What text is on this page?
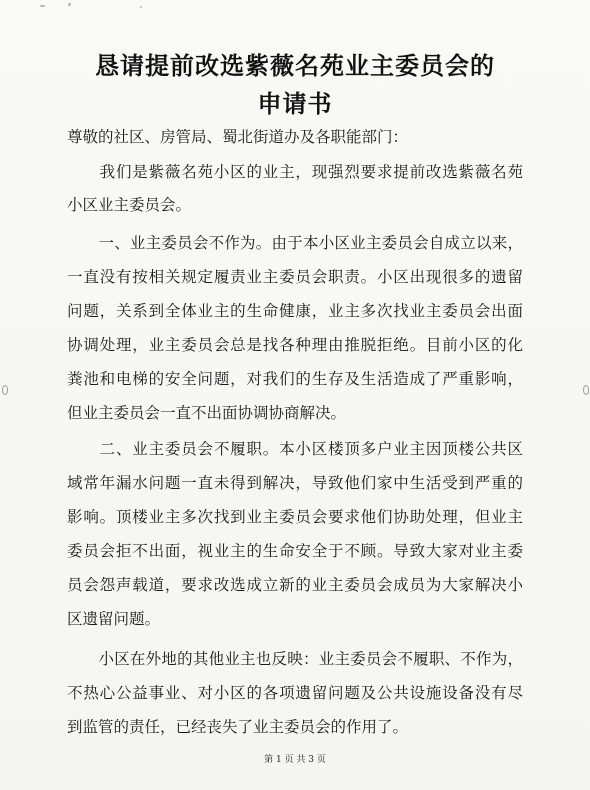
恳请提前改选紫薇名苑业主委员会的
申请书
尊敬的社区、房管局、蜀北街道办及各职能部门：
　　我们是紫薇名苑小区的业主，现强烈要求提前改选紫薇名苑
小区业主委员会。
　　一、业主委员会不作为。由于本小区业主委员会自成立以来，
一直没有按相关规定履责业主委员会职责。小区出现很多的遗留
问题，关系到全体业主的生命健康，业主多次找业主委员会出面
协调处理，业主委员会总是找各种理由推脱拒绝。目前小区的化
粪池和电梯的安全问题，对我们的生存及生活造成了严重影响，
但业主委员会一直不出面协调协商解决。
　　二、业主委员会不履职。本小区楼顶多户业主因顶楼公共区
域常年漏水问题一直未得到解决，导致他们家中生活受到严重的
影响。顶楼业主多次找到业主委员会要求他们协助处理，但业主
委员会拒不出面，视业主的生命安全于不顾。导致大家对业主委
员会怨声载道，要求改选成立新的业主委员会成员为大家解决小
区遗留问题。
　　小区在外地的其他业主也反映：业主委员会不履职、不作为，
不热心公益事业、对小区的各项遗留问题及公共设施设备没有尽
到监管的责任，已经丧失了业主委员会的作用了。
第 1 页 共 3 页
